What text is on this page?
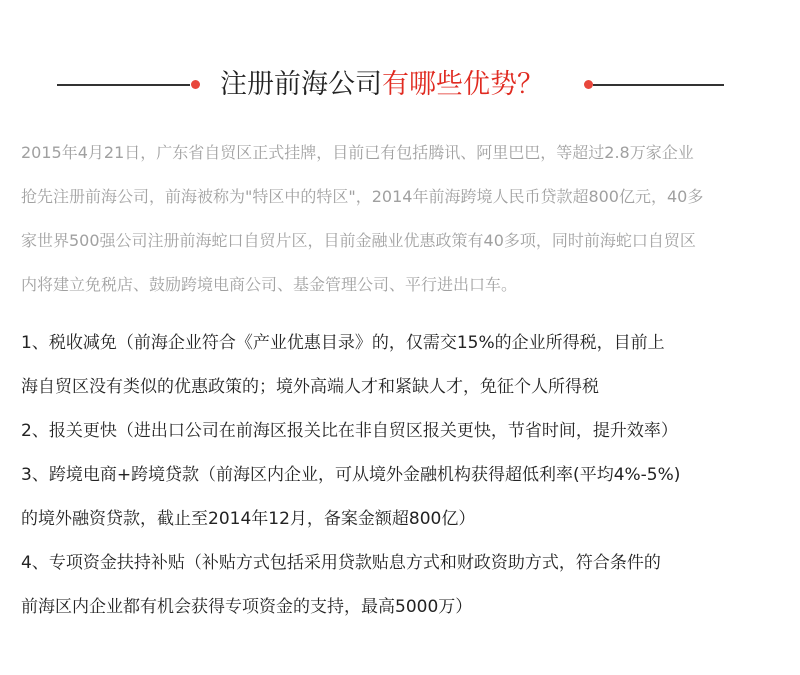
注册前海公司有哪些优势？
2015年4月21日，广东省自贸区正式挂牌，目前已有包括腾讯、阿里巴巴，等超过2.8万家企业
抢先注册前海公司，前海被称为"特区中的特区"，2014年前海跨境人民币贷款超800亿元，40多
家世界500强公司注册前海蛇口自贸片区，目前金融业优惠政策有40多项，同时前海蛇口自贸区
内将建立免税店、鼓励跨境电商公司、基金管理公司、平行进出口车。
1、税收减免（前海企业符合《产业优惠目录》的，仅需交15%的企业所得税，目前上
海自贸区没有类似的优惠政策的；境外高端人才和紧缺人才，免征个人所得税
2、报关更快（进出口公司在前海区报关比在非自贸区报关更快，节省时间，提升效率）
3、跨境电商+跨境贷款（前海区内企业，可从境外金融机构获得超低利率(平均4%-5%)
的境外融资贷款，截止至2014年12月，备案金额超800亿）
4、专项资金扶持补贴（补贴方式包括采用贷款贴息方式和财政资助方式，符合条件的
前海区内企业都有机会获得专项资金的支持，最高5000万）
